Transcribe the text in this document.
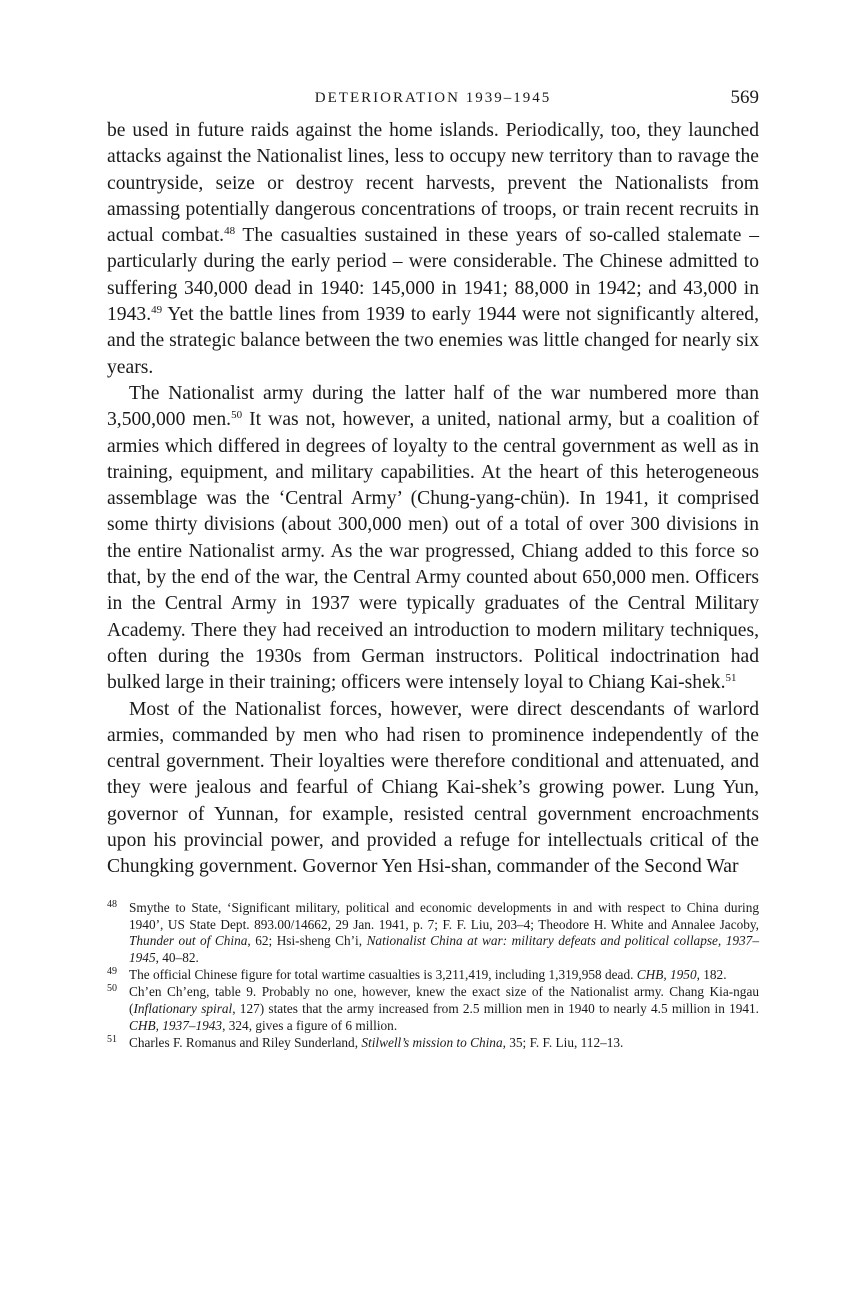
DETERIORATION 1939–1945	569

be used in future raids against the home islands. Periodically, too, they launched attacks against the Nationalist lines, less to occupy new territory than to ravage the countryside, seize or destroy recent harvests, prevent the Nationalists from amassing potentially dangerous concentrations of troops, or train recent recruits in actual combat.$^{48}$ The casualties sustained in these years of so-called stalemate – particularly during the early period – were considerable. The Chinese admitted to suffering 340,000 dead in 1940: 145,000 in 1941; 88,000 in 1942; and 43,000 in 1943.49 Yet the battle lines from 1939 to early 1944 were not significantly altered, and the strategic balance between the two enemies was little changed for nearly six years.

The Nationalist army during the latter half of the war numbered more than 3,500,000 men.$^{50}$ It was not, however, a united, national army, but a coalition of armies which differed in degrees of loyalty to the central government as well as in training, equipment, and military capabilities. At the heart of this heterogeneous assemblage was the ‘Central Army’ (Chung-yang-chün). In 1941, it comprised some thirty divisions (about 300,000 men) out of a total of over 300 divisions in the entire Nationalist army. As the war progressed, Chiang added to this force so that, by the end of the war, the Central Army counted about 650,000 men. Officers in the Central Army in 1937 were typically graduates of the Central Military Academy. There they had received an introduction to modern military techniques, often during the 1930s from German instructors. Political indoctrination had bulked large in their training; officers were intensely loyal to Chiang Kai-shek.$^{51}$

Most of the Nationalist forces, however, were direct descendants of warlord armies, commanded by men who had risen to prominence independently of the central government. Their loyalties were therefore conditional and attenuated, and they were jealous and fearful of Chiang Kai-shek’s growing power. Lung Yun, governor of Yunnan, for example, resisted central government encroachments upon his provincial power, and provided a refuge for intellectuals critical of the Chungking government. Governor Yen Hsi-shan, commander of the Second War

48 Smythe to State, ‘Significant military, political and economic developments in and with respect to China during 1940’, US State Dept. 893.00/14662, 29 Jan. 1941, p. 7; F. F. Liu, 203–4; Theodore H. White and Annalee Jacoby, Thunder out of China, 62; Hsi-sheng Ch’i, Nationalist China at war: military defeats and political collapse, 1937–1945, 40–82.

49 The official Chinese figure for total wartime casualties is 3,211,419, including 1,319,958 dead. CHB, 1950, 182.

50 Ch’en Ch’eng, table 9. Probably no one, however, knew the exact size of the Nationalist army. Chang Kia-ngau (Inflationary spiral, 127) states that the army increased from 2.5 million men in 1940 to nearly 4.5 million in 1941. CHB, 1937–1943, 324, gives a figure of 6 million.

51 Charles F. Romanus and Riley Sunderland, Stilwell’s mission to China, 35; F. F. Liu, 112–13.
